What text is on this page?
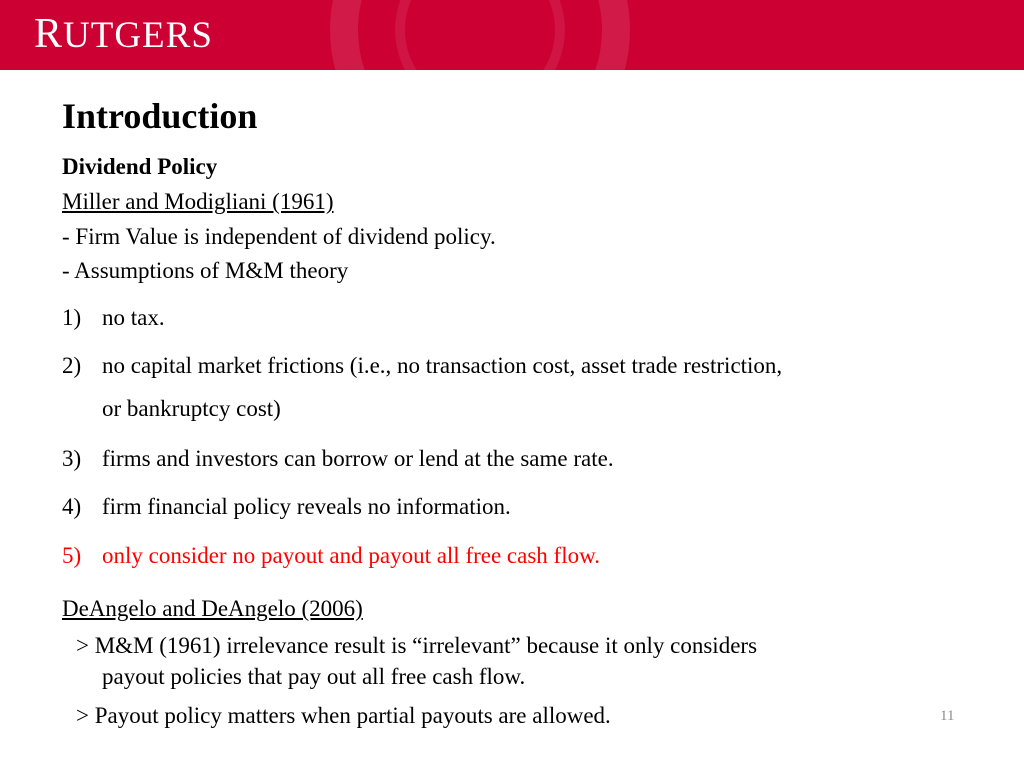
RUTGERS
Introduction
Dividend Policy
Miller and Modigliani (1961)
- Firm Value is independent of dividend policy.
- Assumptions of M&M theory
1) no tax.
2) no capital market frictions (i.e., no transaction cost, asset trade restriction,
or bankruptcy cost)
3) firms and investors can borrow or lend at the same rate.
4) firm financial policy reveals no information.
5) only consider no payout and payout all free cash flow.
DeAngelo and DeAngelo (2006)
> M&M (1961) irrelevance result is “irrelevant” because it only considers
payout policies that pay out all free cash flow.
> Payout policy matters when partial payouts are allowed.	11
